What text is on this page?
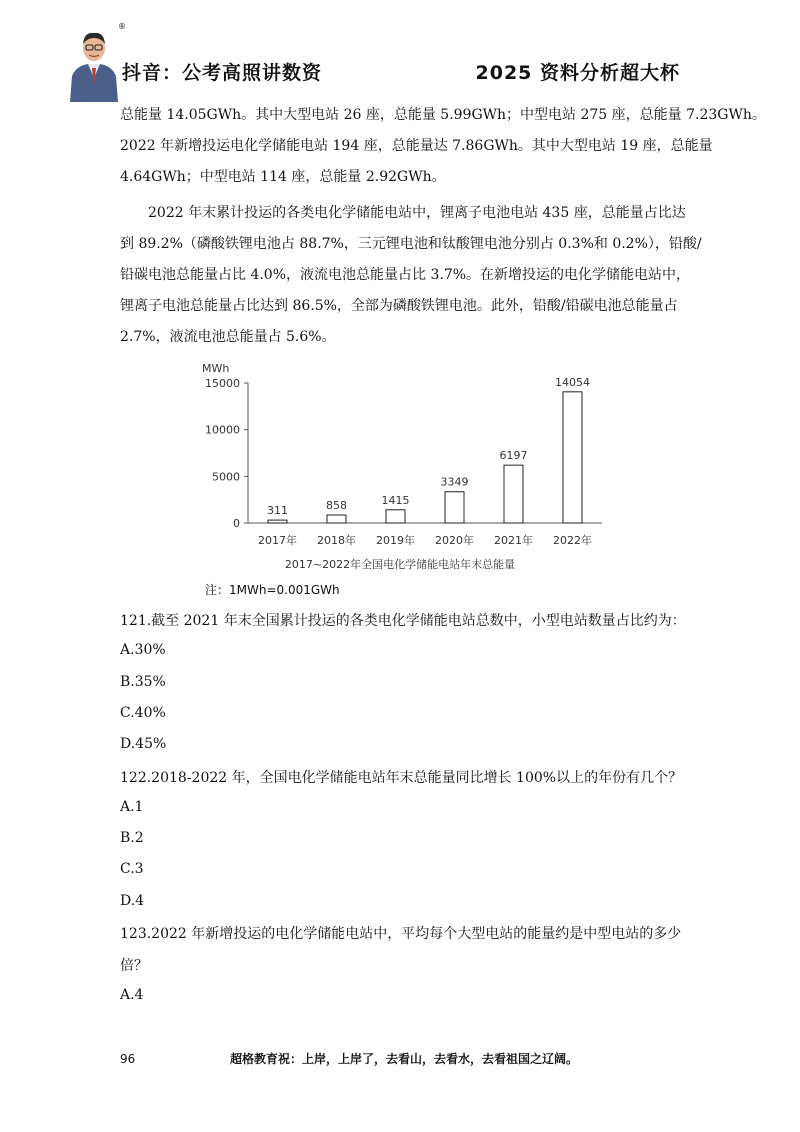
®
抖音：公考高照讲数资	2025 资料分析超大杯
总能量 14.05GWh。其中大型电站 26 座，总能量 5.99GWh；中型电站 275 座，总能量 7.23GWh。
2022 年新增投运电化学储能电站 194 座，总能量达 7.86GWh。其中大型电站 19 座，总能量
4.64GWh；中型电站 114 座，总能量 2.92GWh。
2022 年末累计投运的各类电化学储能电站中，锂离子电池电站 435 座，总能量占比达
到 89.2%（磷酸铁锂电池占 88.7%，三元锂电池和钛酸锂电池分别占 0.3%和 0.2%），铅酸/
铅碳电池总能量占比 4.0%，液流电池总能量占比 3.7%。在新增投运的电化学储能电站中，
锂离子电池总能量占比达到 86.5%，全部为磷酸铁锂电池。此外，铅酸/铅碳电池总能量占
2.7%，液流电池总能量占 5.6%。
MWh
0
5000
10000
15000
311
2017年
858
2018年
1415
2019年
3349
2020年
6197
2021年
14054
2022年
2017~2022年全国电化学储能电站年末总能量
注：1MWh=0.001GWh
121.截至 2021 年末全国累计投运的各类电化学储能电站总数中，小型电站数量占比约为：
A.30%
B.35%
C.40%
D.45%
122.2018-2022 年，全国电化学储能电站年末总能量同比增长 100%以上的年份有几个？
A.1
B.2
C.3
D.4
123.2022 年新增投运的电化学储能电站中，平均每个大型电站的能量约是中型电站的多少
倍？
A.4
96	超格教育祝：上岸，上岸了，去看山，去看水，去看祖国之辽阔。
